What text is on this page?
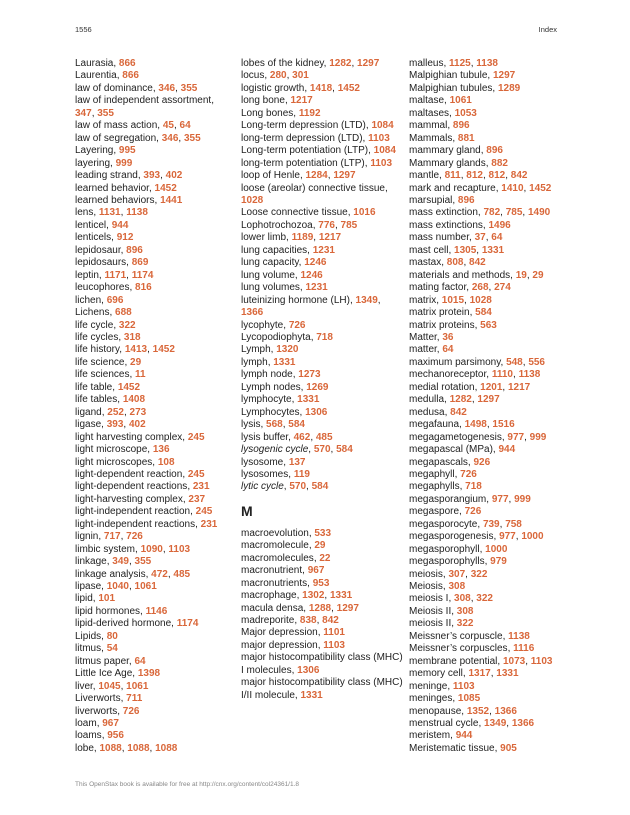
1556	Index
Laurasia, 866
Laurentia, 866
law of dominance, 346, 355
law of independent assortment, 347, 355
law of mass action, 45, 64
law of segregation, 346, 355
Layering, 995
layering, 999
leading strand, 393, 402
learned behavior, 1452
learned behaviors, 1441
lens, 1131, 1138
lenticel, 944
lenticels, 912
lepidosaur, 896
lepidosaurs, 869
leptin, 1171, 1174
leucophores, 816
lichen, 696
Lichens, 688
life cycle, 322
life cycles, 318
life history, 1413, 1452
life science, 29
life sciences, 11
life table, 1452
life tables, 1408
ligand, 252, 273
ligase, 393, 402
light harvesting complex, 245
light microscope, 136
light microscopes, 108
light-dependent reaction, 245
light-dependent reactions, 231
light-harvesting complex, 237
light-independent reaction, 245
light-independent reactions, 231
lignin, 717, 726
limbic system, 1090, 1103
linkage, 349, 355
linkage analysis, 472, 485
lipase, 1040, 1061
lipid, 101
lipid hormones, 1146
lipid-derived hormone, 1174
Lipids, 80
litmus, 54
litmus paper, 64
Little Ice Age, 1398
liver, 1045, 1061
Liverworts, 711
liverworts, 726
loam, 967
loams, 956
lobe, 1088, 1088, 1088
lobes of the kidney, 1282, 1297
locus, 280, 301
logistic growth, 1418, 1452
long bone, 1217
Long bones, 1192
Long-term depression (LTD), 1084
long-term depression (LTD), 1103
Long-term potentiation (LTP), 1084
long-term potentiation (LTP), 1103
loop of Henle, 1284, 1297
loose (areolar) connective tissue, 1028
Loose connective tissue, 1016
Lophotrochozoa, 776, 785
lower limb, 1189, 1217
lung capacities, 1231
lung capacity, 1246
lung volume, 1246
lung volumes, 1231
luteinizing hormone (LH), 1349, 1366
lycophyte, 726
Lycopodiophyta, 718
Lymph, 1320
lymph, 1331
lymph node, 1273
Lymph nodes, 1269
lymphocyte, 1331
Lymphocytes, 1306
lysis, 568, 584
lysis buffer, 462, 485
lysogenic cycle, 570, 584
lysosome, 137
lysosomes, 119
lytic cycle, 570, 584
M
macroevolution, 533
macromolecule, 29
macromolecules, 22
macronutrient, 967
macronutrients, 953
macrophage, 1302, 1331
macula densa, 1288, 1297
madreporite, 838, 842
Major depression, 1101
major depression, 1103
major histocompatibility class (MHC) I molecules, 1306
major histocompatibility class (MHC) I/II molecule, 1331
malleus, 1125, 1138
Malpighian tubule, 1297
Malpighian tubules, 1289
maltase, 1061
maltases, 1053
mammal, 896
Mammals, 881
mammary gland, 896
Mammary glands, 882
mantle, 811, 812, 812, 842
mark and recapture, 1410, 1452
marsupial, 896
mass extinction, 782, 785, 1490
mass extinctions, 1496
mass number, 37, 64
mast cell, 1305, 1331
mastax, 808, 842
materials and methods, 19, 29
mating factor, 268, 274
matrix, 1015, 1028
matrix protein, 584
matrix proteins, 563
Matter, 36
matter, 64
maximum parsimony, 548, 556
mechanoreceptor, 1110, 1138
medial rotation, 1201, 1217
medulla, 1282, 1297
medusa, 842
megafauna, 1498, 1516
megagametogenesis, 977, 999
megapascal (MPa), 944
megapascals, 926
megaphyll, 726
megaphylls, 718
megasporangium, 977, 999
megaspore, 726
megasporocyte, 739, 758
megasporogenesis, 977, 1000
megasporophyll, 1000
megasporophylls, 979
meiosis, 307, 322
Meiosis, 308
meiosis I, 308, 322
Meiosis II, 308
meiosis II, 322
Meissner’s corpuscle, 1138
Meissner’s corpuscles, 1116
membrane potential, 1073, 1103
memory cell, 1317, 1331
meninge, 1103
meninges, 1085
menopause, 1352, 1366
menstrual cycle, 1349, 1366
meristem, 944
Meristematic tissue, 905
This OpenStax book is available for free at http://cnx.org/content/col24361/1.8
